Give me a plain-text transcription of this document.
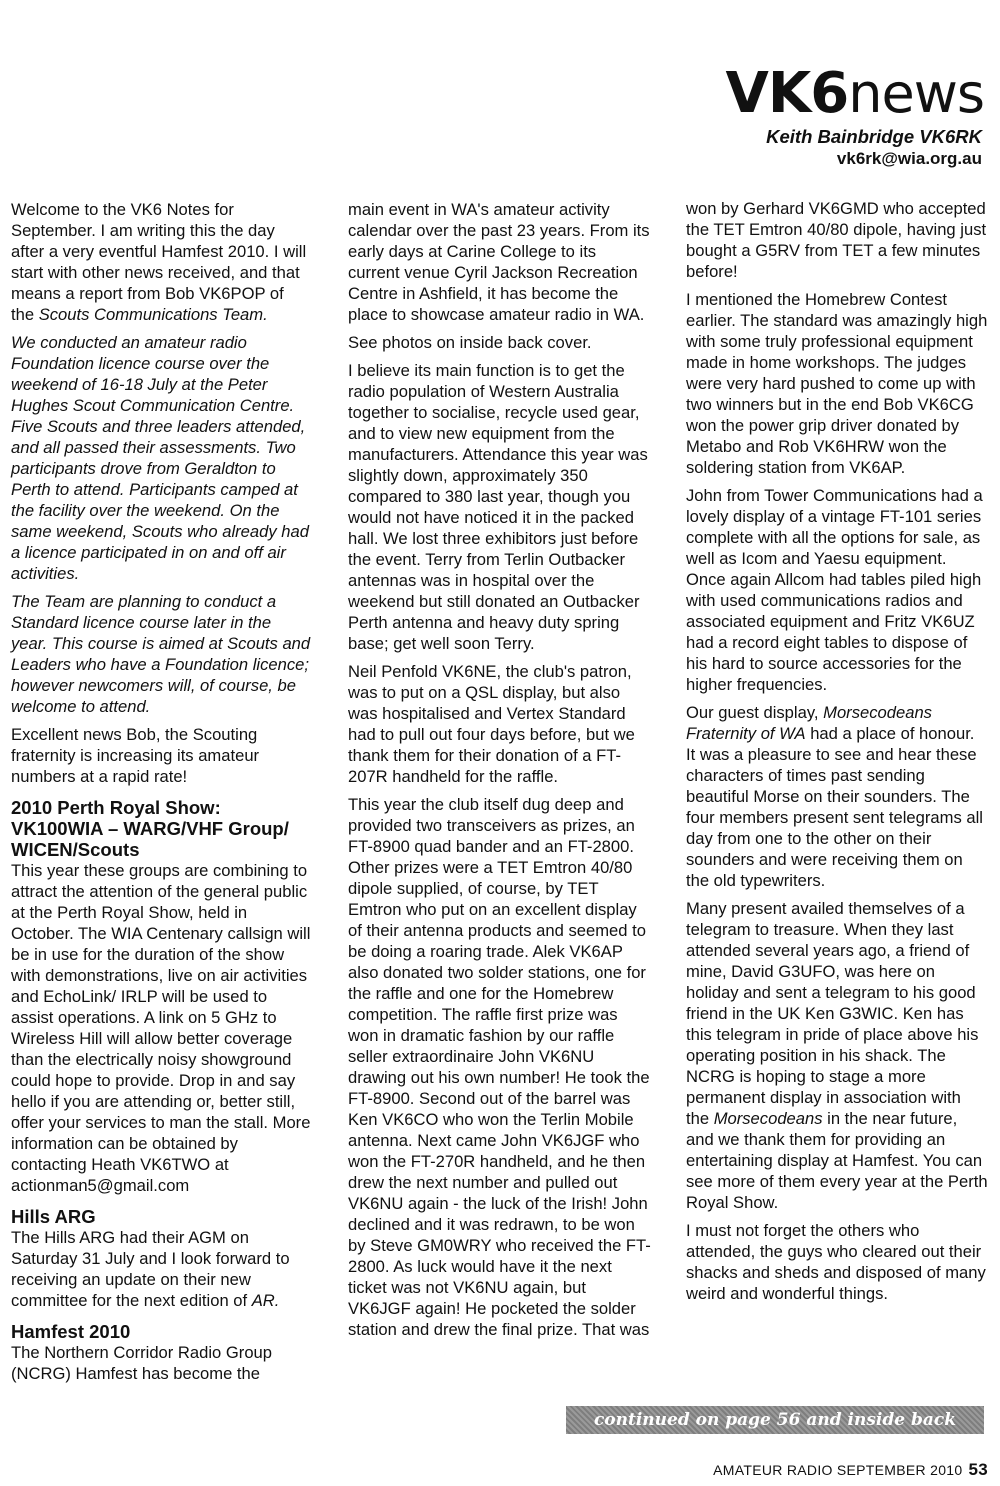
VK6news
Keith Bainbridge VK6RK
vk6rk@wia.org.au

Welcome to the VK6 Notes for September. I am writing this the day after a very eventful Hamfest 2010. I will start with other news received, and that means a report from Bob VK6POP of the Scouts Communications Team.

We conducted an amateur radio Foundation licence course over the weekend of 16-18 July at the Peter Hughes Scout Communication Centre. Five Scouts and three leaders attended, and all passed their assessments. Two participants drove from Geraldton to Perth to attend. Participants camped at the facility over the weekend. On the same weekend, Scouts who already had a licence participated in on and off air activities.

The Team are planning to conduct a Standard licence course later in the year. This course is aimed at Scouts and Leaders who have a Foundation licence; however newcomers will, of course, be welcome to attend.

Excellent news Bob, the Scouting fraternity is increasing its amateur numbers at a rapid rate!

2010 Perth Royal Show: VK100WIA – WARG/VHF Group/ WICEN/Scouts

This year these groups are combining to attract the attention of the general public at the Perth Royal Show, held in October. The WIA Centenary callsign will be in use for the duration of the show with demonstrations, live on air activities and EchoLink/ IRLP will be used to assist operations. A link on 5 GHz to Wireless Hill will allow better coverage than the electrically noisy showground could hope to provide. Drop in and say hello if you are attending or, better still, offer your services to man the stall. More information can be obtained by contacting Heath VK6TWO at actionman5@gmail.com

Hills ARG

The Hills ARG had their AGM on Saturday 31 July and I look forward to receiving an update on their new committee for the next edition of AR.

Hamfest 2010

The Northern Corridor Radio Group (NCRG) Hamfest has become the

main event in WA's amateur activity calendar over the past 23 years. From its early days at Carine College to its current venue Cyril Jackson Recreation Centre in Ashfield, it has become the place to showcase amateur radio in WA.

See photos on inside back cover.

I believe its main function is to get the radio population of Western Australia together to socialise, recycle used gear, and to view new equipment from the manufacturers. Attendance this year was slightly down, approximately 350 compared to 380 last year, though you would not have noticed it in the packed hall. We lost three exhibitors just before the event. Terry from Terlin Outbacker antennas was in hospital over the weekend but still donated an Outbacker Perth antenna and heavy duty spring base; get well soon Terry.

Neil Penfold VK6NE, the club's patron, was to put on a QSL display, but also was hospitalised and Vertex Standard had to pull out four days before, but we thank them for their donation of a FT-207R handheld for the raffle.

This year the club itself dug deep and provided two transceivers as prizes, an FT-8900 quad bander and an FT-2800. Other prizes were a TET Emtron 40/80 dipole supplied, of course, by TET Emtron who put on an excellent display of their antenna products and seemed to be doing a roaring trade. Alek VK6AP also donated two solder stations, one for the raffle and one for the Homebrew competition. The raffle first prize was won in dramatic fashion by our raffle seller extraordinaire John VK6NU drawing out his own number! He took the FT-8900. Second out of the barrel was Ken VK6CO who won the Terlin Mobile antenna. Next came John VK6JGF who won the FT-270R handheld, and he then drew the next number and pulled out VK6NU again - the luck of the Irish! John declined and it was redrawn, to be won by Steve GM0WRY who received the FT-2800. As luck would have it the next ticket was not VK6NU again, but VK6JGF again! He pocketed the solder station and drew the final prize. That was

won by Gerhard VK6GMD who accepted the TET Emtron 40/80 dipole, having just bought a G5RV from TET a few minutes before!

I mentioned the Homebrew Contest earlier. The standard was amazingly high with some truly professional equipment made in home workshops. The judges were very hard pushed to come up with two winners but in the end Bob VK6CG won the power grip driver donated by Metabo and Rob VK6HRW won the soldering station from VK6AP.

John from Tower Communications had a lovely display of a vintage FT-101 series complete with all the options for sale, as well as Icom and Yaesu equipment. Once again Allcom had tables piled high with used communications radios and associated equipment and Fritz VK6UZ had a record eight tables to dispose of his hard to source accessories for the higher frequencies.

Our guest display, Morsecodeans Fraternity of WA had a place of honour. It was a pleasure to see and hear these characters of times past sending beautiful Morse on their sounders. The four members present sent telegrams all day from one to the other on their sounders and were receiving them on the old typewriters.

Many present availed themselves of a telegram to treasure. When they last attended several years ago, a friend of mine, David G3UFO, was here on holiday and sent a telegram to his good friend in the UK Ken G3WIC. Ken has this telegram in pride of place above his operating position in his shack. The NCRG is hoping to stage a more permanent display in association with the Morsecodeans in the near future, and we thank them for providing an entertaining display at Hamfest. You can see more of them every year at the Perth Royal Show.

I must not forget the others who attended, the guys who cleared out their shacks and sheds and disposed of many weird and wonderful things.

continued on page 56 and inside back cover
AMATEUR RADIO SEPTEMBER 2010 53
